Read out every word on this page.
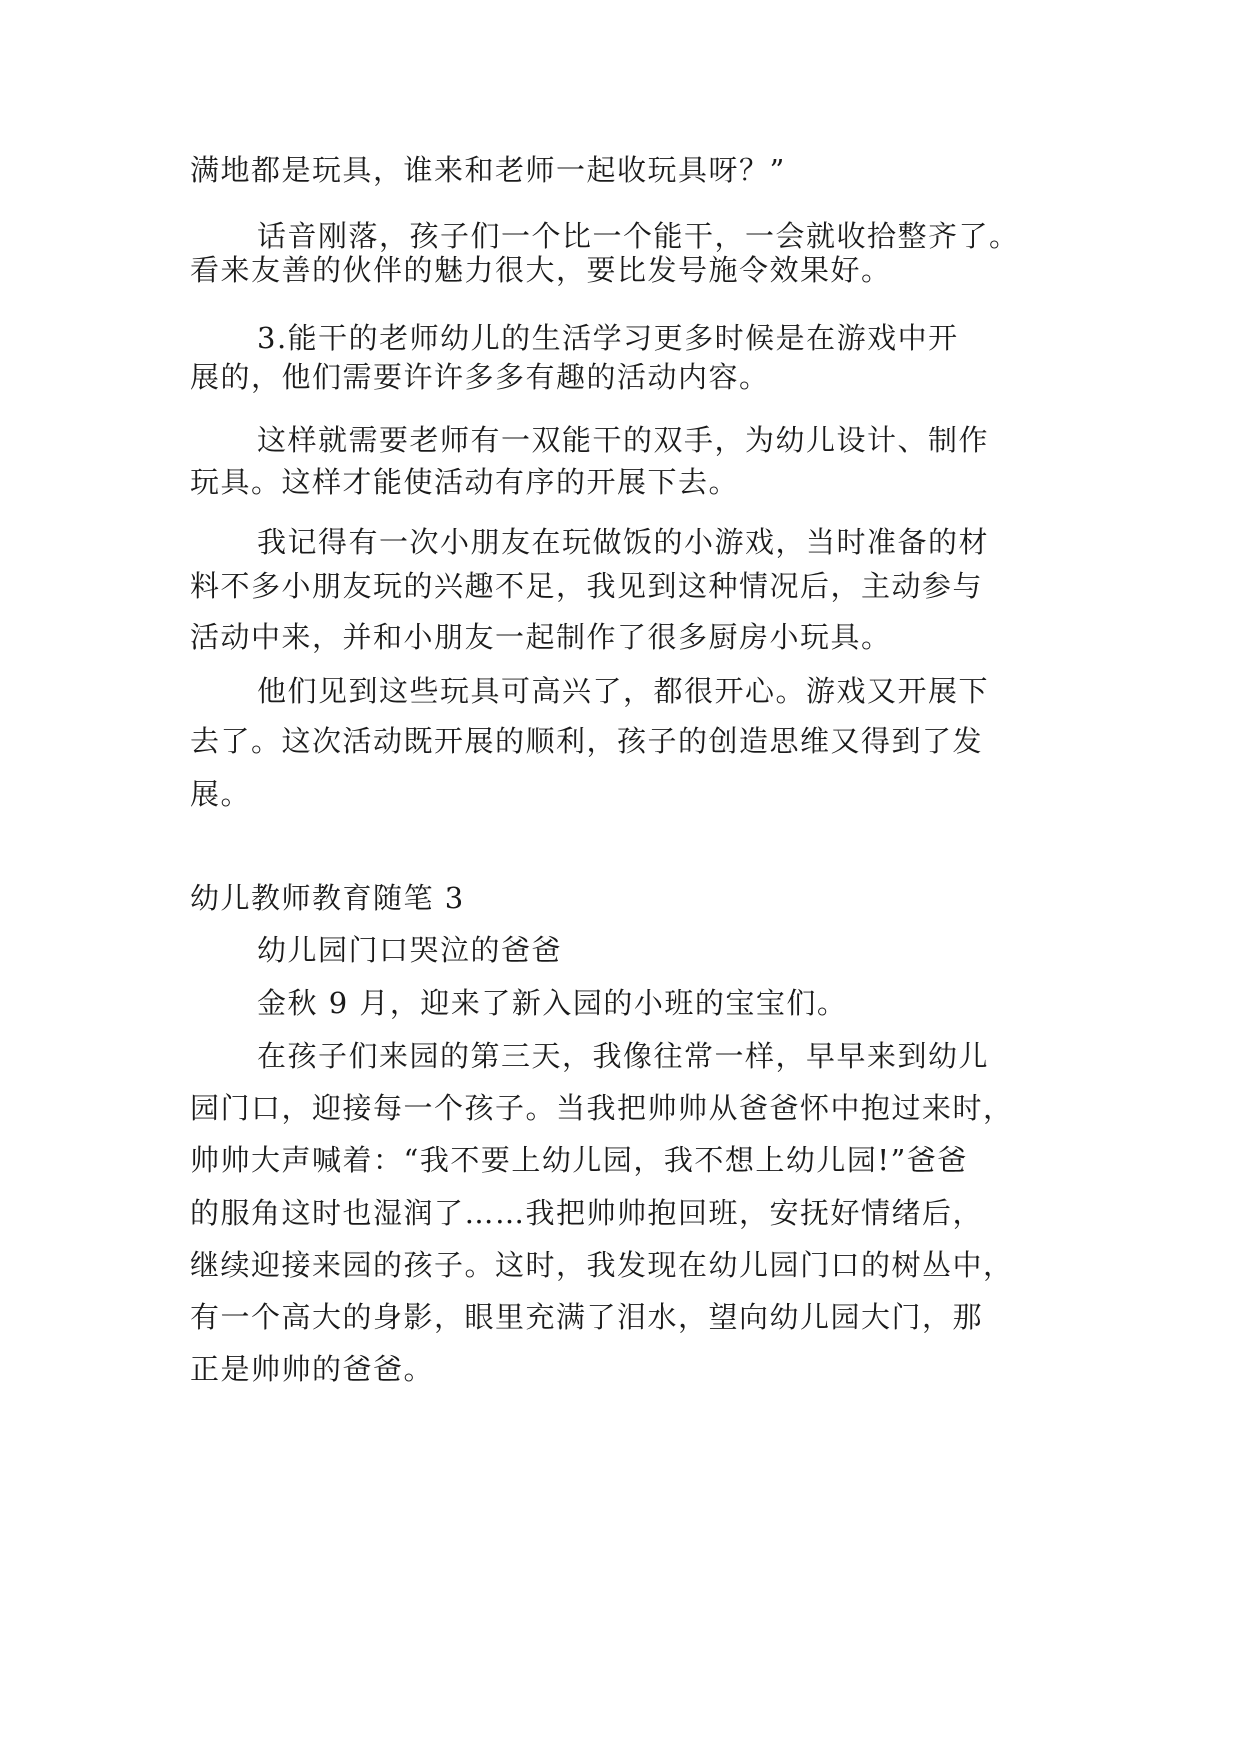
满地都是玩具，谁来和老师一起收玩具呀？”
话音刚落，孩子们一个比一个能干，一会就收拾整齐了。
看来友善的伙伴的魅力很大，要比发号施令效果好。
3.能干的老师幼儿的生活学习更多时候是在游戏中开
展的，他们需要许许多多有趣的活动内容。
这样就需要老师有一双能干的双手，为幼儿设计、制作
玩具。这样才能使活动有序的开展下去。
我记得有一次小朋友在玩做饭的小游戏，当时准备的材
料不多小朋友玩的兴趣不足，我见到这种情况后，主动参与
活动中来，并和小朋友一起制作了很多厨房小玩具。
他们见到这些玩具可高兴了，都很开心。游戏又开展下
去了。这次活动既开展的顺利，孩子的创造思维又得到了发
展。
幼儿教师教育随笔 3
幼儿园门口哭泣的爸爸
金秋 9 月，迎来了新入园的小班的宝宝们。
在孩子们来园的第三天，我像往常一样，早早来到幼儿
园门口，迎接每一个孩子。当我把帅帅从爸爸怀中抱过来时，
帅帅大声喊着：“我不要上幼儿园，我不想上幼儿园!”爸爸
的服角这时也湿润了……我把帅帅抱回班，安抚好情绪后，
继续迎接来园的孩子。这时，我发现在幼儿园门口的树丛中，
有一个高大的身影，眼里充满了泪水，望向幼儿园大门，那
正是帅帅的爸爸。
